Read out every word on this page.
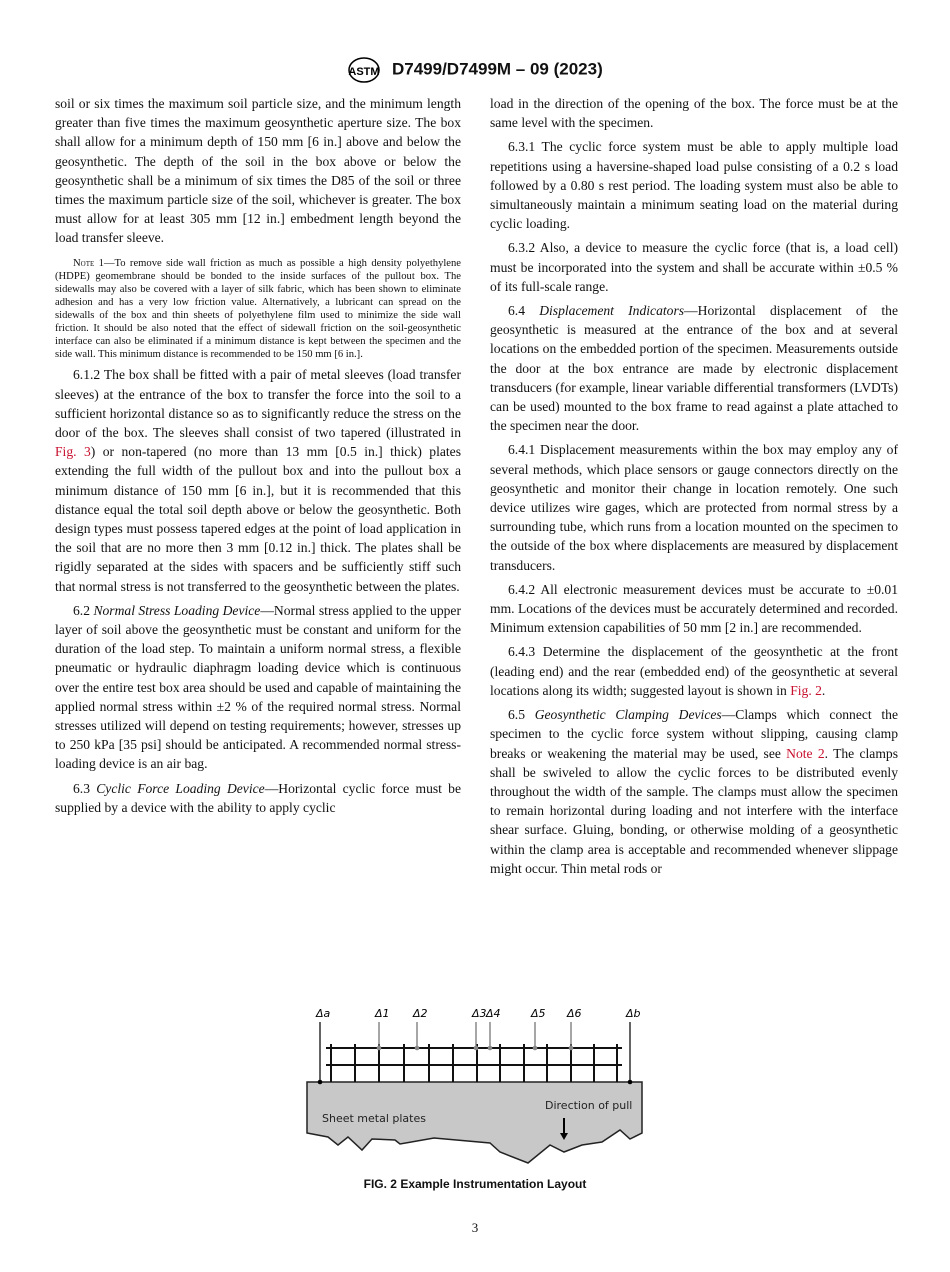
ASTM D7499/D7499M – 09 (2023)

soil or six times the maximum soil particle size, and the minimum length greater than five times the maximum geosynthetic aperture size. The box shall allow for a minimum depth of 150 mm [6 in.] above and below the geosynthetic. The depth of the soil in the box above or below the geosynthetic shall be a minimum of six times the D85 of the soil or three times the maximum particle size of the soil, whichever is greater. The box must allow for at least 305 mm [12 in.] embedment length beyond the load transfer sleeve.

Note 1—To remove side wall friction as much as possible a high density polyethylene (HDPE) geomembrane should be bonded to the inside surfaces of the pullout box. The sidewalls may also be covered with a layer of silk fabric, which has been shown to eliminate adhesion and has a very low friction value. Alternatively, a lubricant can spread on the sidewalls of the box and thin sheets of polyethylene film used to minimize the side wall friction. It should be also noted that the effect of sidewall friction on the soil-geosynthetic interface can also be eliminated if a minimum distance is kept between the specimen and the side wall. This minimum distance is recommended to be 150 mm [6 in.].

6.1.2 The box shall be fitted with a pair of metal sleeves (load transfer sleeves) at the entrance of the box to transfer the force into the soil to a sufficient horizontal distance so as to significantly reduce the stress on the door of the box. The sleeves shall consist of two tapered (illustrated in Fig. 3) or non-tapered (no more than 13 mm [0.5 in.] thick) plates extending the full width of the pullout box and into the pullout box a minimum distance of 150 mm [6 in.], but it is recommended that this distance equal the total soil depth above or below the geosynthetic. Both design types must possess tapered edges at the point of load application in the soil that are no more then 3 mm [0.12 in.] thick. The plates shall be rigidly separated at the sides with spacers and be sufficiently stiff such that normal stress is not transferred to the geosynthetic between the plates.

6.2 Normal Stress Loading Device—Normal stress applied to the upper layer of soil above the geosynthetic must be constant and uniform for the duration of the load step. To maintain a uniform normal stress, a flexible pneumatic or hydraulic diaphragm loading device which is continuous over the entire test box area should be used and capable of maintaining the applied normal stress within ±2 % of the required normal stress. Normal stresses utilized will depend on testing requirements; however, stresses up to 250 kPa [35 psi] should be anticipated. A recommended normal stress-loading device is an air bag.

6.3 Cyclic Force Loading Device—Horizontal cyclic force must be supplied by a device with the ability to apply cyclic

load in the direction of the opening of the box. The force must be at the same level with the specimen.

6.3.1 The cyclic force system must be able to apply multiple load repetitions using a haversine-shaped load pulse consisting of a 0.2 s load followed by a 0.80 s rest period. The loading system must also be able to simultaneously maintain a minimum seating load on the material during cyclic loading.

6.3.2 Also, a device to measure the cyclic force (that is, a load cell) must be incorporated into the system and shall be accurate within ±0.5 % of its full-scale range.

6.4 Displacement Indicators—Horizontal displacement of the geosynthetic is measured at the entrance of the box and at several locations on the embedded portion of the specimen. Measurements outside the door at the box entrance are made by electronic displacement transducers (for example, linear variable differential transformers (LVDTs) can be used) mounted to the box frame to read against a plate attached to the specimen near the door.

6.4.1 Displacement measurements within the box may employ any of several methods, which place sensors or gauge connectors directly on the geosynthetic and monitor their change in location remotely. One such device utilizes wire gages, which are protected from normal stress by a surrounding tube, which runs from a location mounted on the specimen to the outside of the box where displacements are measured by displacement transducers.

6.4.2 All electronic measurement devices must be accurate to ±0.01 mm. Locations of the devices must be accurately determined and recorded. Minimum extension capabilities of 50 mm [2 in.] are recommended.

6.4.3 Determine the displacement of the geosynthetic at the front (leading end) and the rear (embedded end) of the geosynthetic at several locations along its width; suggested layout is shown in Fig. 2.

6.5 Geosynthetic Clamping Devices—Clamps which connect the specimen to the cyclic force system without slipping, causing clamp breaks or weakening the material may be used, see Note 2. The clamps shall be swiveled to allow the cyclic forces to be distributed evenly throughout the width of the sample. The clamps must allow the specimen to remain horizontal during loading and not interfere with the interface shear surface. Gluing, bonding, or otherwise molding of a geosynthetic within the clamp area is acceptable and recommended whenever slippage might occur. Thin metal rods or

Δa	Δ1 Δ2	Δ3 Δ4	Δ5 Δ6	Δb
Sheet metal plates
Direction of pull
FIG. 2 Example Instrumentation Layout
3
